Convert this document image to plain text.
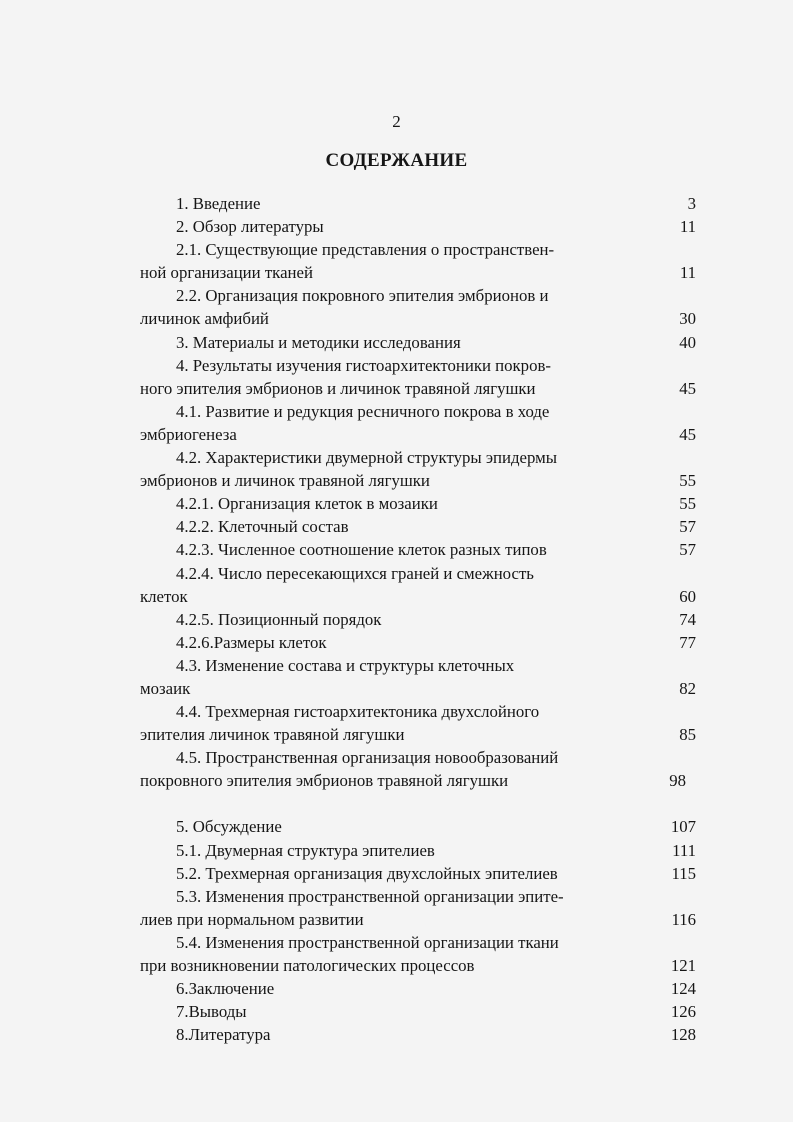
2
СОДЕРЖАНИЕ
1. Введение	3
2. Обзор литературы	11
2.1. Существующие представления о пространствен-
ной организации тканей	11
2.2. Организация покровного эпителия эмбрионов и
личинок амфибий	30
3. Материалы и методики исследования	40
4. Результаты изучения гистоархитектоники покров-
ного эпителия эмбрионов и личинок травяной лягушки	45
4.1. Развитие и редукция ресничного покрова в ходе
эмбриогенеза	45
4.2. Характеристики двумерной структуры эпидермы
эмбрионов и личинок травяной лягушки	55
4.2.1. Организация клеток в мозаики	55
4.2.2. Клеточный состав	57
4.2.3. Численное соотношение клеток разных типов	57
4.2.4. Число пересекающихся граней и смежность
клеток	60
4.2.5. Позиционный порядок	74
4.2.6.Размеры клеток	77
4.3. Изменение состава и структуры клеточных
мозаик	82
4.4. Трехмерная гистоархитектоника двухслойного
эпителия личинок травяной лягушки	85
4.5. Пространственная организация новообразований
покровного эпителия эмбрионов травяной лягушки	98
5. Обсуждение	107
5.1. Двумерная структура эпителиев	111
5.2. Трехмерная организация двухслойных эпителиев	115
5.3. Изменения пространственной организации эпите-
лиев при нормальном развитии	116
5.4. Изменения пространственной организации ткани
при возникновении патологических процессов	121
6.Заключение	124
7.Выводы	126
8.Литература	128
